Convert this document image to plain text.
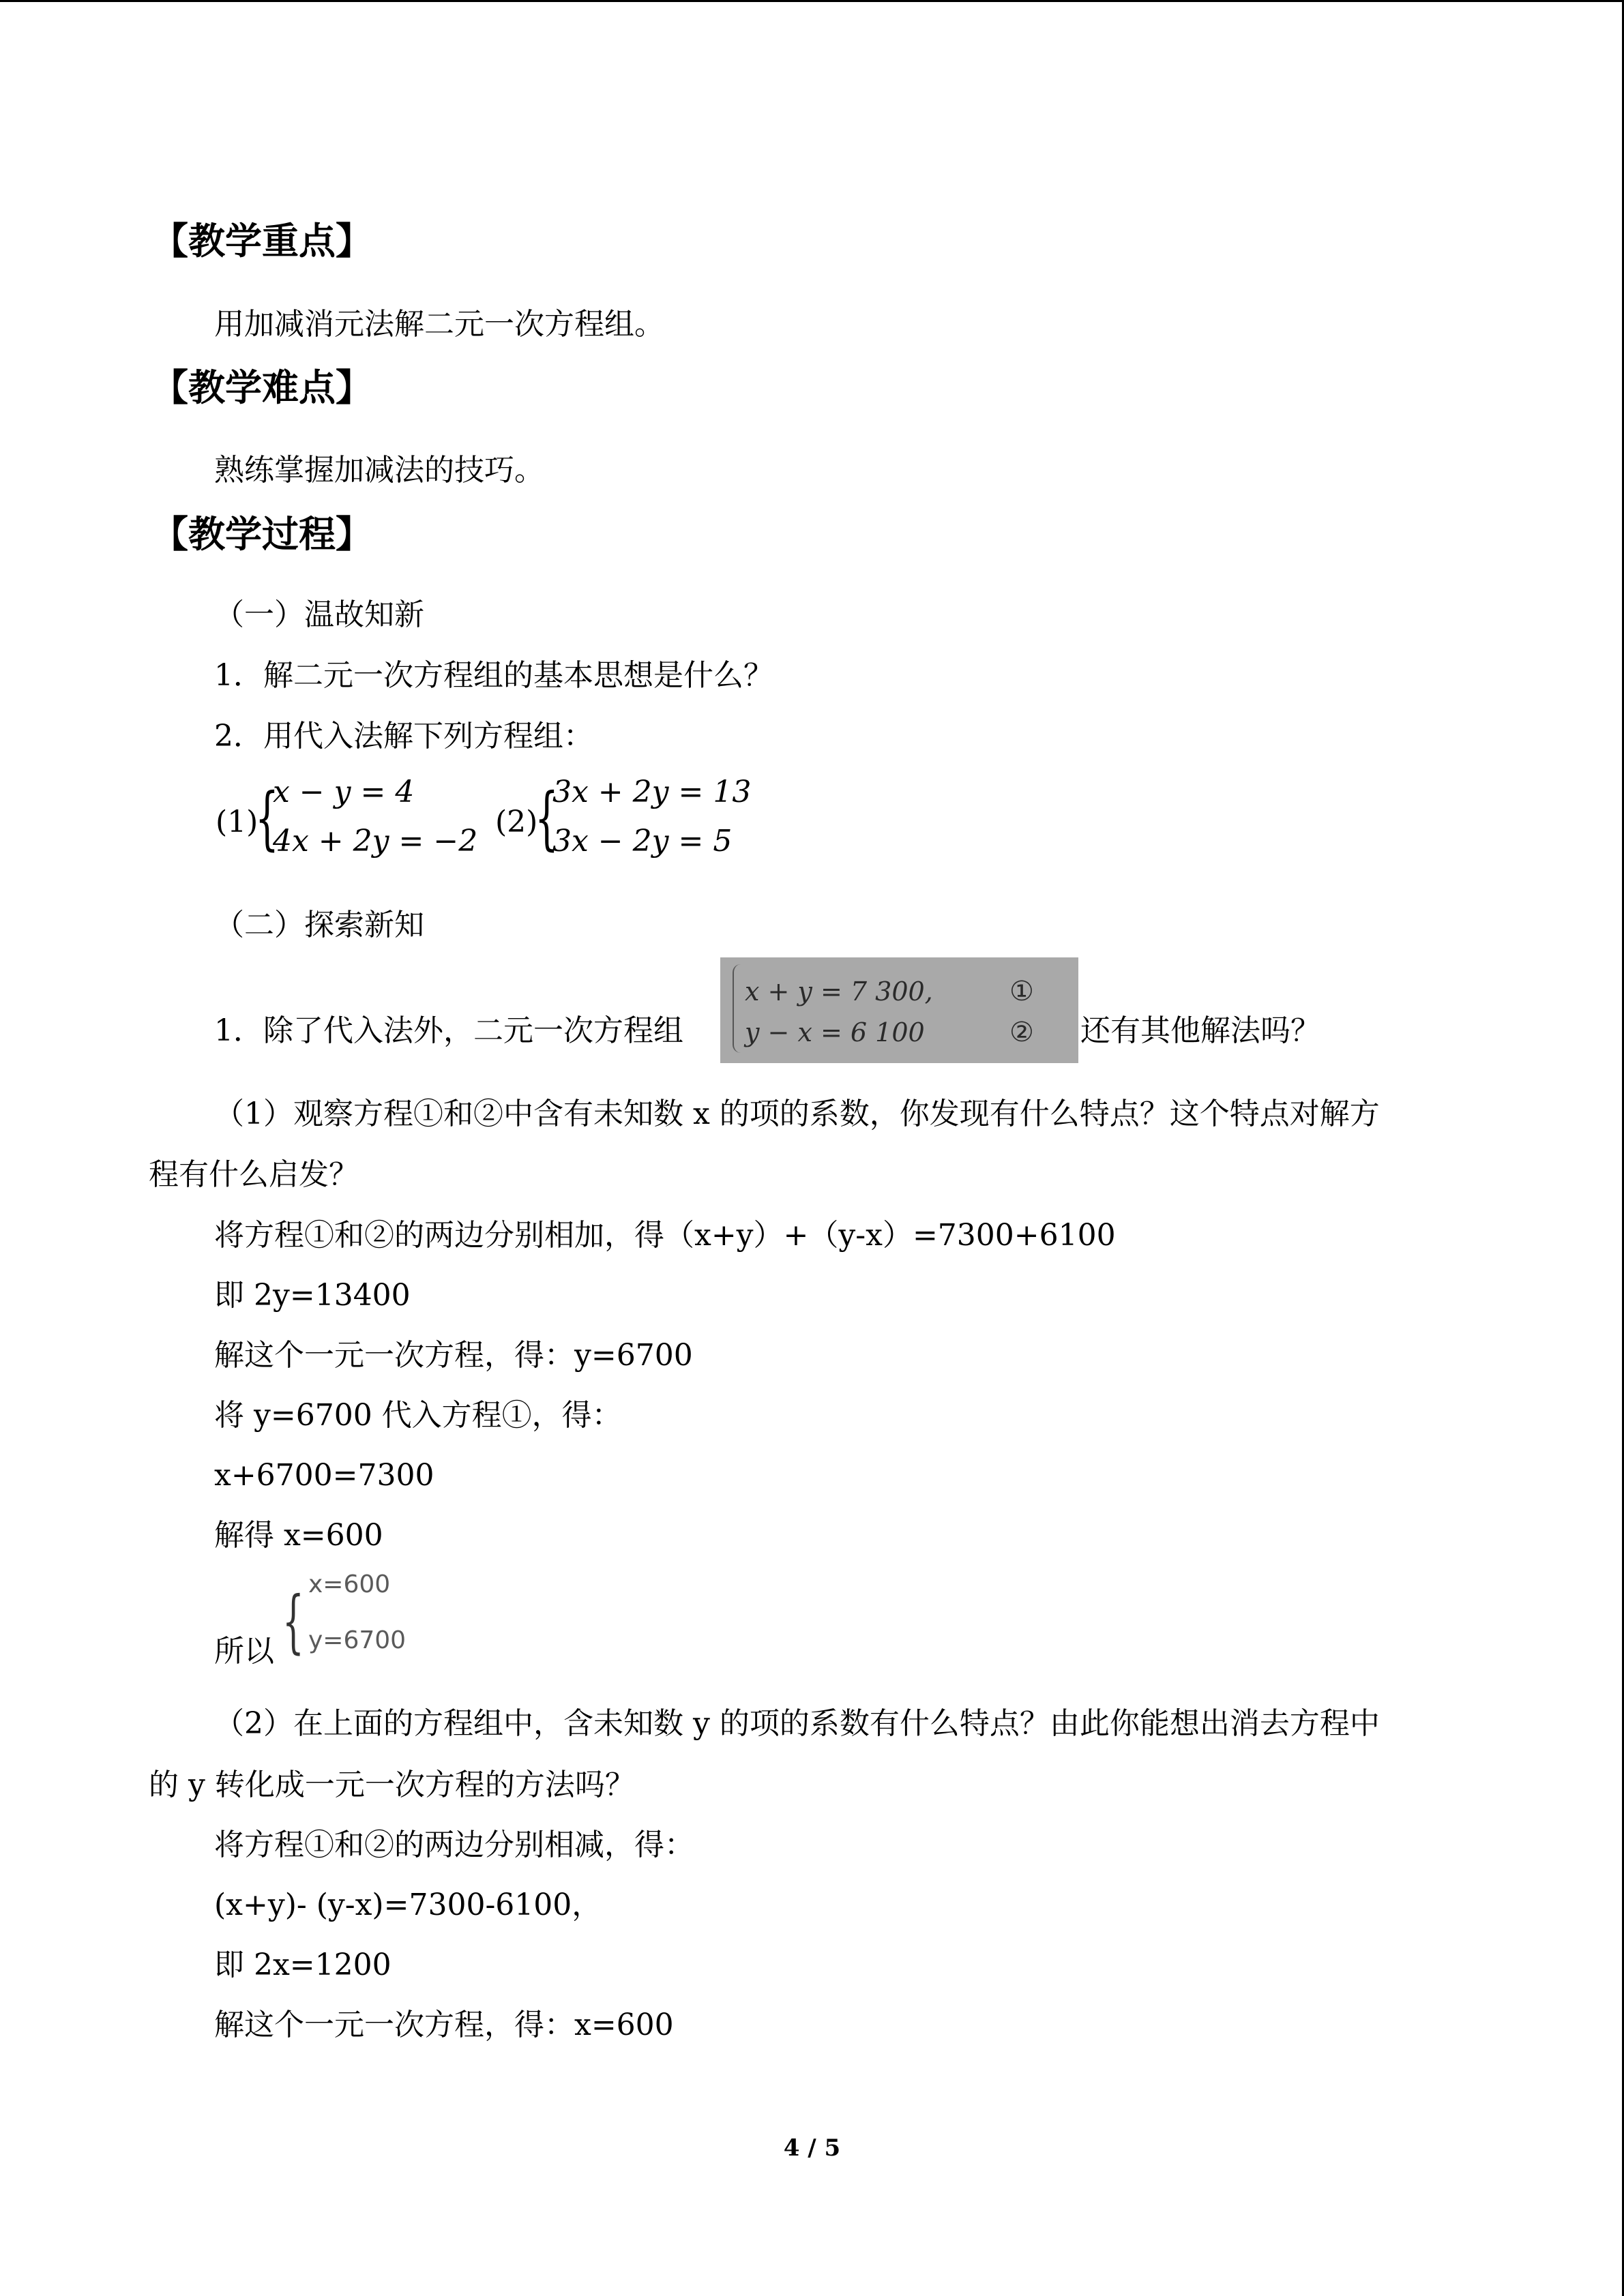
【教学重点】
用加减消元法解二元一次方程组。
【教学难点】
熟练掌握加减法的技巧。
【教学过程】
（一）温故知新
1．解二元一次方程组的基本思想是什么？
2．用代入法解下列方程组：
(1)
{
x − y = 4
4x + 2y = −2
(2)
{
3x + 2y = 13
3x − 2y = 5
（二）探索新知
1．除了代入法外，二元一次方程组
x + y = 7 300,	①
y − x = 6 100	② 还有其他解法吗？
（1）观察方程①和②中含有未知数 x 的项的系数，你发现有什么特点？这个特点对解方
程有什么启发？
将方程①和②的两边分别相加，得（x+y）+（y-x）=7300+6100
即 2y=13400
解这个一元一次方程，得：y=6700
将 y=6700 代入方程①，得：
x+6700=7300
解得 x=600
所以 { x=600
y=6700
（2）在上面的方程组中，含未知数 y 的项的系数有什么特点？由此你能想出消去方程中
的 y 转化成一元一次方程的方法吗？
将方程①和②的两边分别相减，得：
(x+y)- (y-x)=7300-6100，
即 2x=1200
解这个一元一次方程，得：x=600
4 / 5
